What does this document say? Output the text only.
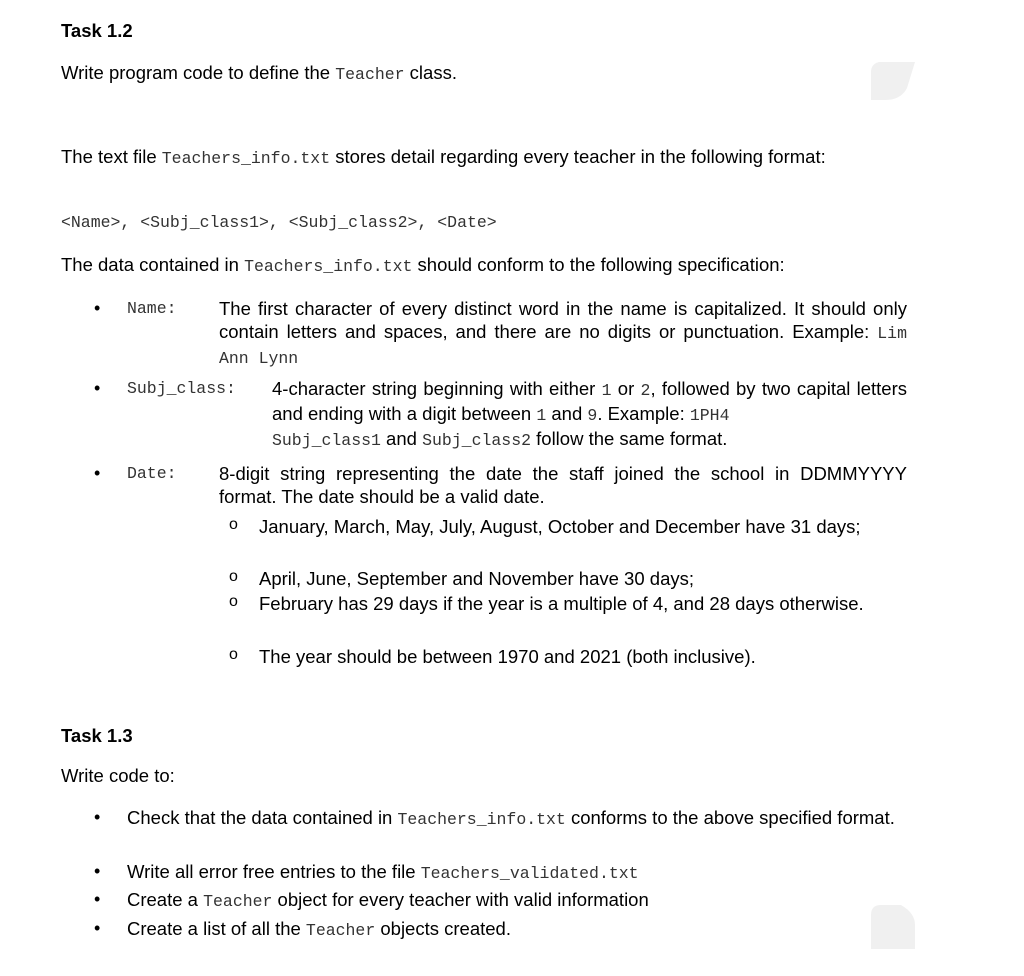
Task 1.2
Write program code to define the Teacher class.
The text file Teachers_info.txt stores detail regarding every teacher in the following format:
<Name>, <Subj_class1>, <Subj_class2>, <Date>
The data contained in Teachers_info.txt should conform to the following specification:
• Name: The first character of every distinct word in the name is capitalized. It should only contain letters and spaces, and there are no digits or punctuation. Example: Lim Ann Lynn
• Subj_class: 4-character string beginning with either 1 or 2, followed by two capital letters and ending with a digit between 1 and 9. Example: 1PH4
Subj_class1 and Subj_class2 follow the same format.
• Date: 8-digit string representing the date the staff joined the school in DDMMYYYY format. The date should be a valid date.
o January, March, May, July, August, October and December have 31 days;
o April, June, September and November have 30 days;
o February has 29 days if the year is a multiple of 4, and 28 days otherwise.
o The year should be between 1970 and 2021 (both inclusive).
Task 1.3
Write code to:
• Check that the data contained in Teachers_info.txt conforms to the above specified format.
• Write all error free entries to the file Teachers_validated.txt
• Create a Teacher object for every teacher with valid information
• Create a list of all the Teacher objects created.
